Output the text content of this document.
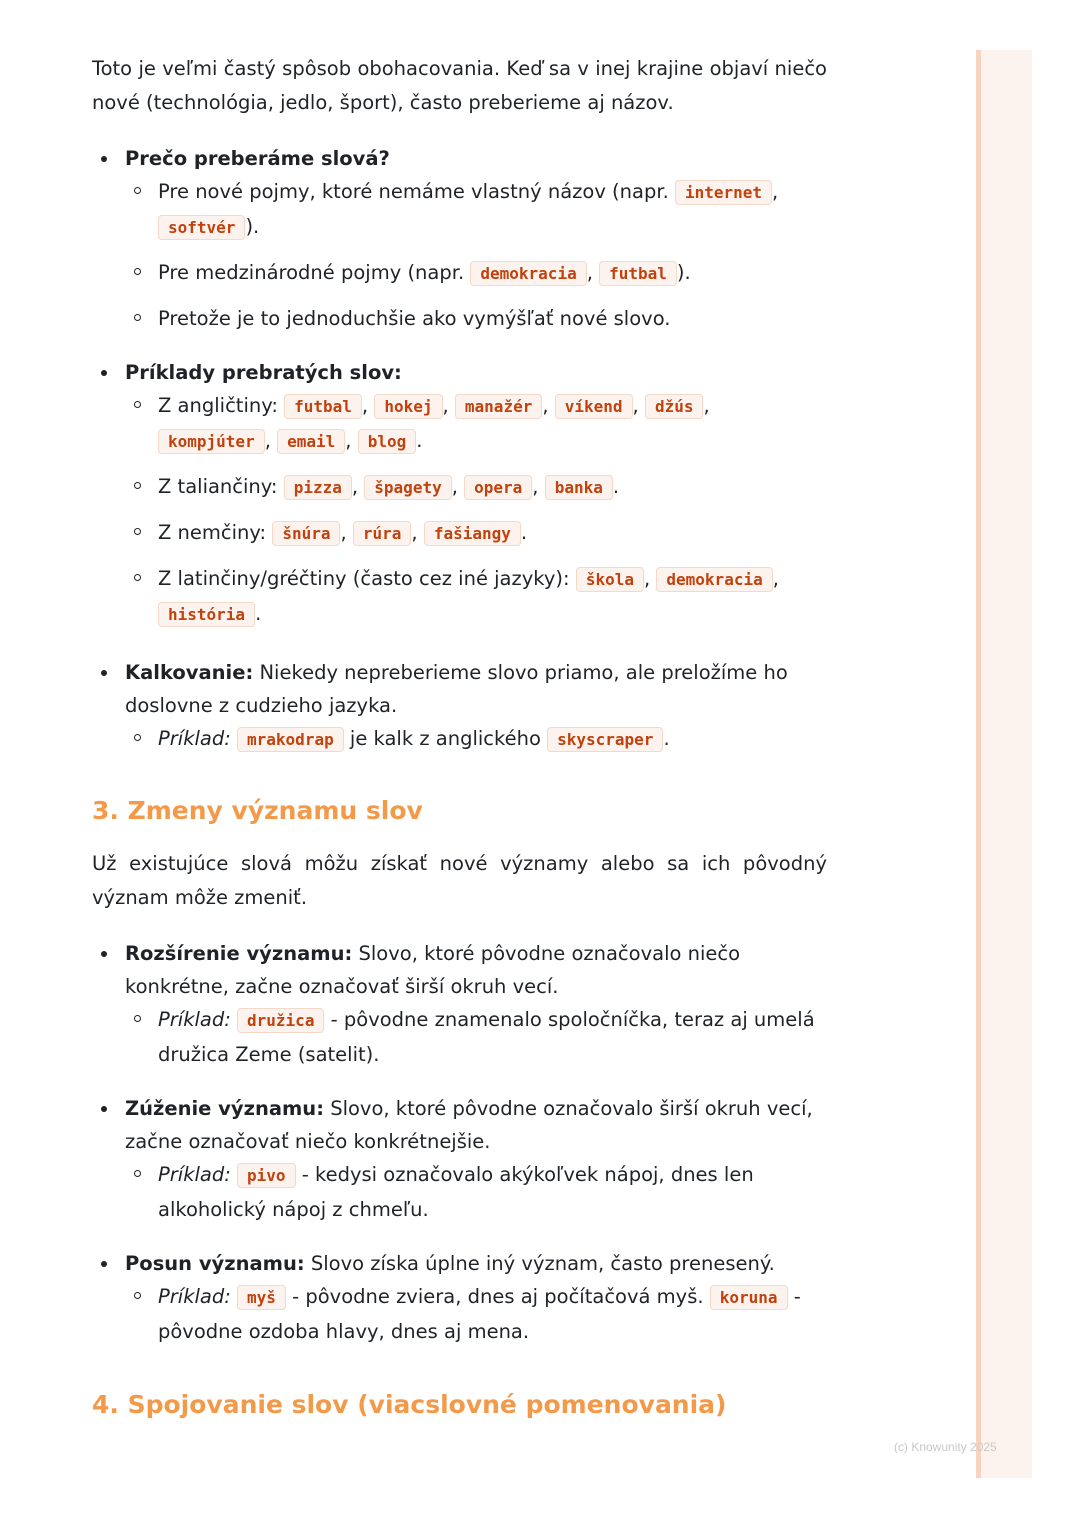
Toto je veľmi častý spôsob obohacovania. Keď sa v inej krajine objaví niečo nové (technológia, jedlo, šport), často preberieme aj názov.

Prečo preberáme slová?
Pre nové pojmy, ktoré nemáme vlastný názov (napr. internet , softvér ).
Pre medzinárodné pojmy (napr. demokracia , futbal ).
Pretože je to jednoduchšie ako vymýšľať nové slovo.
Príklady prebratých slov:
Z angličtiny: futbal , hokej , manažér , víkend , džús , kompjúter , email , blog .
Z taliančiny: pizza , špagety , opera , banka .
Z nemčiny: šnúra , rúra , fašiangy .
Z latinčiny/gréčtiny (často cez iné jazyky): škola , demokracia , história .
Kalkovanie: Niekedy nepreberieme slovo priamo, ale preložíme ho doslovne z cudzieho jazyka.
Príklad: mrakodrap je kalk z anglického skyscraper .
3. Zmeny významu slov

Už existujúce slová môžu získať nové významy alebo sa ich pôvodný význam môže zmeniť.

Rozšírenie významu: Slovo, ktoré pôvodne označovalo niečo konkrétne, začne označovať širší okruh vecí.
Príklad: družica - pôvodne znamenalo spoločníčka, teraz aj umelá družica Zeme (satelit).
Zúženie významu: Slovo, ktoré pôvodne označovalo širší okruh vecí, začne označovať niečo konkrétnejšie.
Príklad: pivo - kedysi označovalo akýkoľvek nápoj, dnes len alkoholický nápoj z chmeľu.
Posun významu: Slovo získa úplne iný význam, často prenesený.
Príklad: myš - pôvodne zviera, dnes aj počítačová myš. koruna - pôvodne ozdoba hlavy, dnes aj mena.
4. Spojovanie slov (viacslovné pomenovania)
(c) Knowunity 2025
